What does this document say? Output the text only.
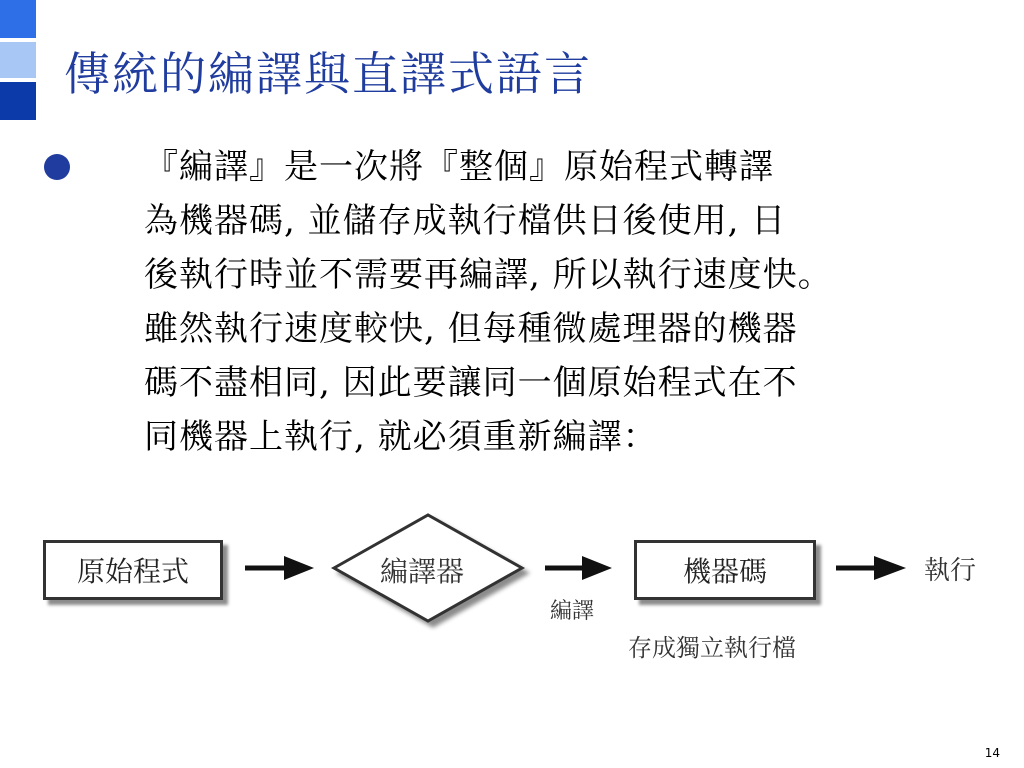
傳統的編譯與直譯式語言
『編譯』是一次將『整個』原始程式轉譯
為機器碼, 並儲存成執行檔供日後使用, 日
後執行時並不需要再編譯, 所以執行速度快。
雖然執行速度較快, 但每種微處理器的機器
碼不盡相同, 因此要讓同一個原始程式在不
同機器上執行, 就必須重新編譯：
原始程式	編譯器
編譯
機器碼
存成獨立執行檔
執行
14
